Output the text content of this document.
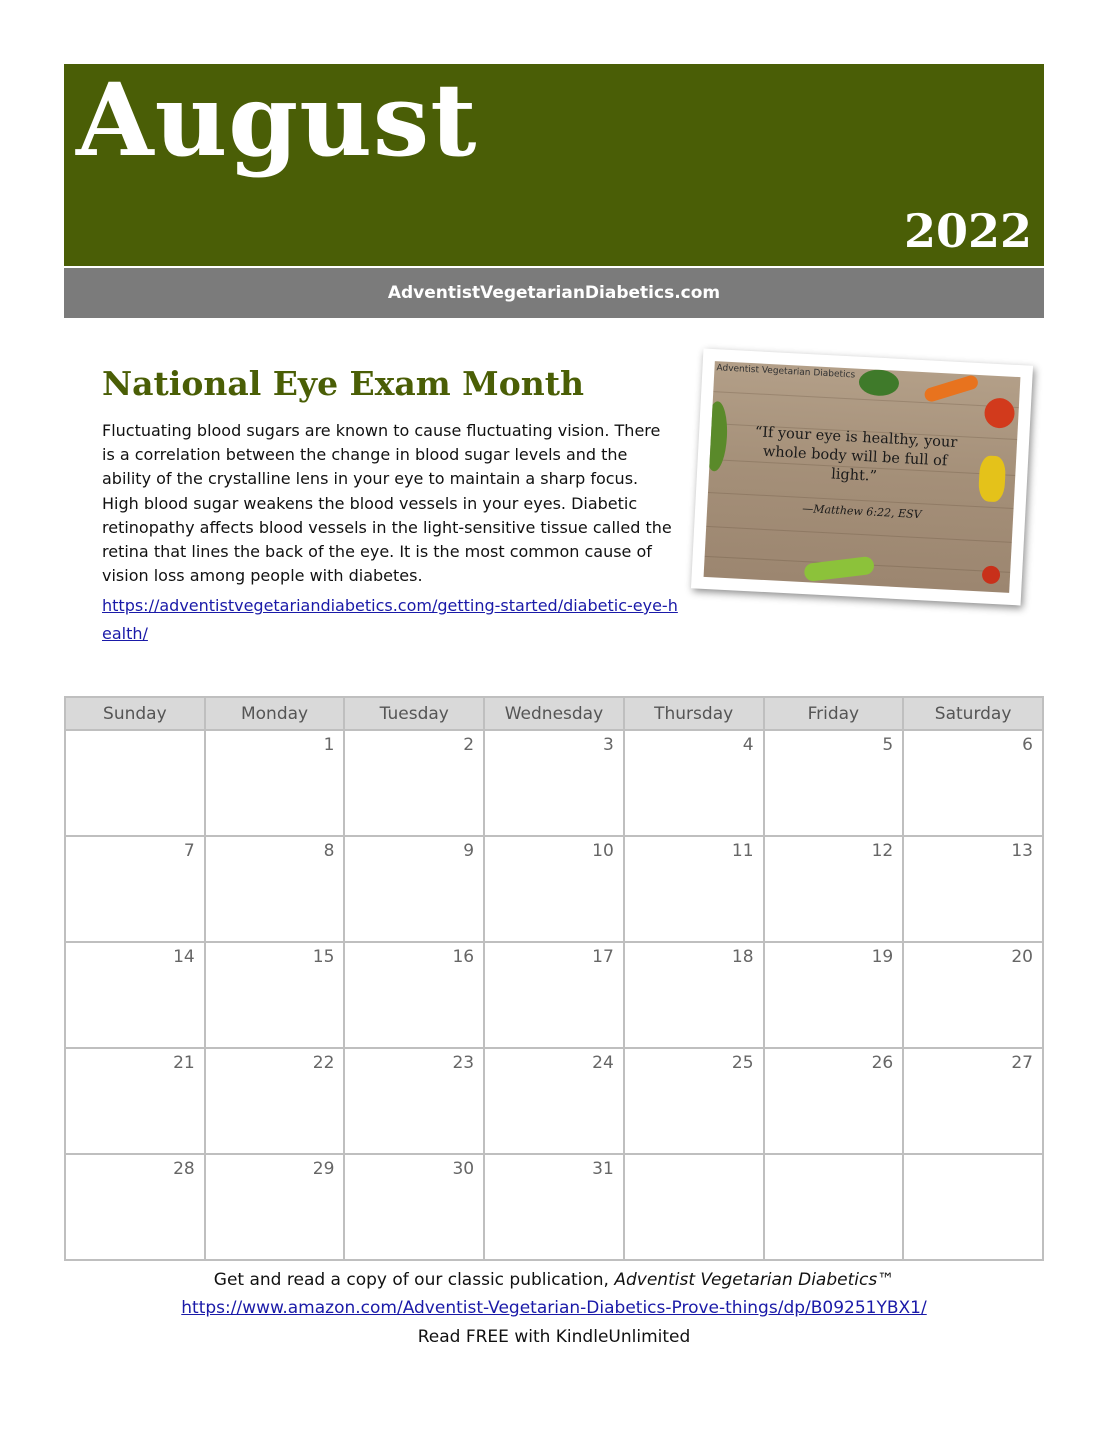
August
2022
AdventistVegetarianDiabetics.com
National Eye Exam Month
Fluctuating blood sugars are known to cause fluctuating vision. There is a correlation between the change in blood sugar levels and the ability of the crystalline lens in your eye to maintain a sharp focus. High blood sugar weakens the blood vessels in your eyes. Diabetic retinopathy affects blood vessels in the light-sensitive tissue called the retina that lines the back of the eye. It is the most common cause of vision loss among people with diabetes.
https://adventistvegetariandiabetics.com/getting-started/diabetic-eye-health/
Adventist Vegetarian Diabetics
“If your eye is healthy, your whole body will be full of light.”
—Matthew 6:22, ESV
Sunday	Monday	Tuesday	Wednesday	Thursday	Friday	Saturday
	1	2	3	4	5	6
7	8	9	10	11	12	13
14	15	16	17	18	19	20
21	22	23	24	25	26	27
28	29	30	31			
Get and read a copy of our classic publication, Adventist Vegetarian Diabetics™
https://www.amazon.com/Adventist-Vegetarian-Diabetics-Prove-things/dp/B09251YBX1/
Read FREE with KindleUnlimited
